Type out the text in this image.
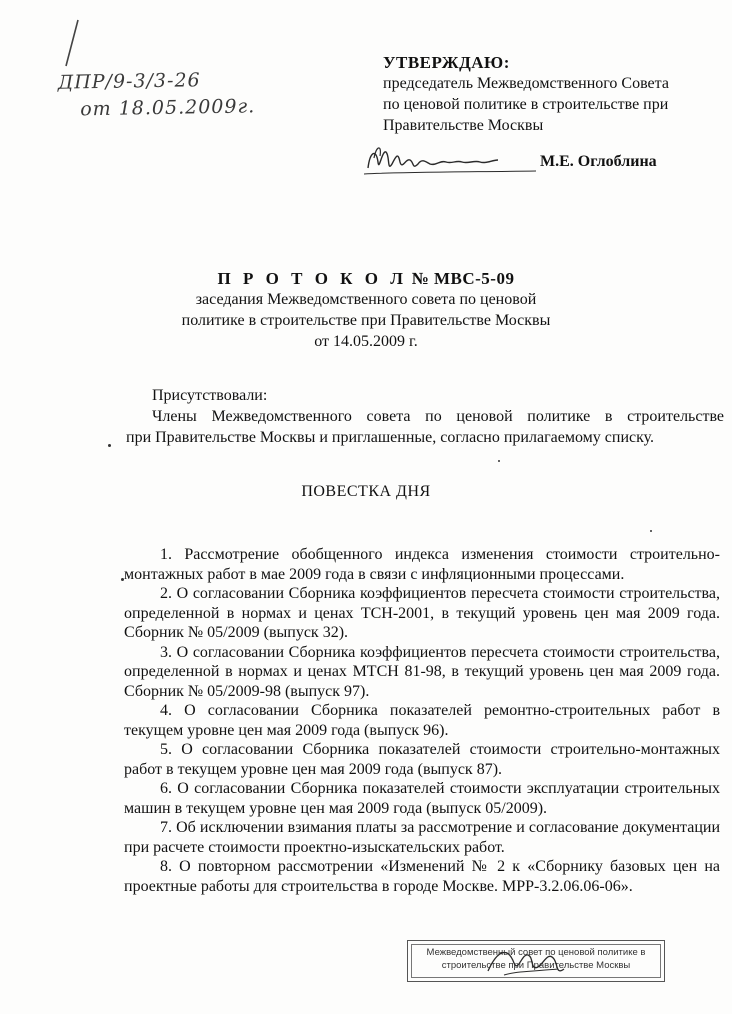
ДПР/9-3/3-26
от 18.05.2009г.
УТВЕРЖДАЮ:
председатель Межведомственного Совета
по ценовой политике в строительстве при
Правительстве Москвы
М.Е. Оглоблина
П Р О Т О К О Л № МВС-5-09
заседания Межведомственного совета по ценовой
политике в строительстве при Правительстве Москвы
от 14.05.2009 г.
Присутствовали:
Члены Межведомственного совета по ценовой политике в строительстве
при Правительстве Москвы и приглашенные, согласно прилагаемому списку.
ПОВЕСТКА ДНЯ

1. Рассмотрение обобщенного индекса изменения стоимости строительно-монтажных работ в мае 2009 года в связи с инфляционными процессами.

2. О согласовании Сборника коэффициентов пересчета стоимости строительства, определенной в нормах и ценах ТСН-2001, в текущий уровень цен мая 2009 года. Сборник № 05/2009 (выпуск 32).

3. О согласовании Сборника коэффициентов пересчета стоимости строительства, определенной в нормах и ценах МТСН 81-98, в текущий уровень цен мая 2009 года. Сборник № 05/2009-98 (выпуск 97).

4. О согласовании Сборника показателей ремонтно-строительных работ в текущем уровне цен мая 2009 года (выпуск 96).

5. О согласовании Сборника показателей стоимости строительно-монтажных работ в текущем уровне цен мая 2009 года (выпуск 87).

6. О согласовании Сборника показателей стоимости эксплуатации строительных машин в текущем уровне цен мая 2009 года (выпуск 05/2009).

7. Об исключении взимания платы за рассмотрение и согласование документации при расчете стоимости проектно-изыскательских работ.

8. О повторном рассмотрении «Изменений № 2 к «Сборнику базовых цен на проектные работы для строительства в городе Москве. МРР-3.2.06.06-06».

Межведомственный совет по ценовой политике в
строительстве при Правительстве Москвы
